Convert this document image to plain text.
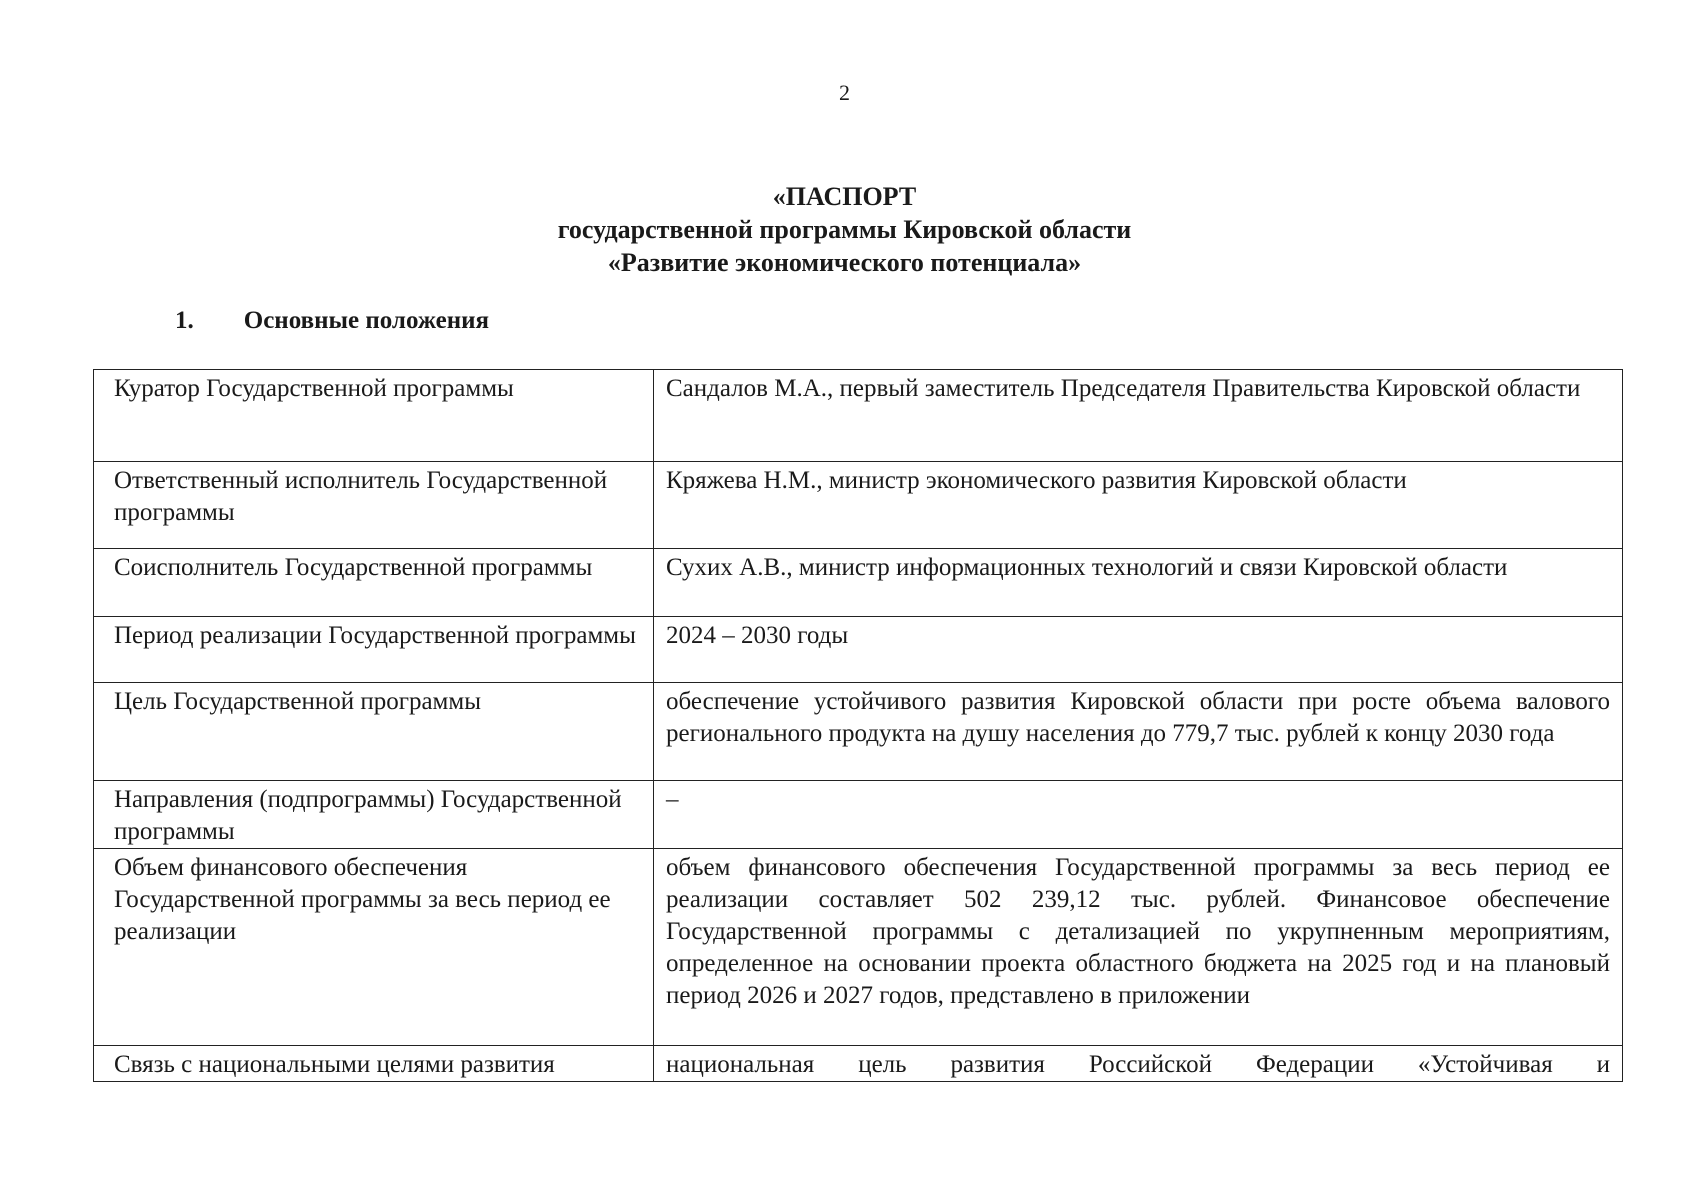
2
«ПАСПОРТ
государственной программы Кировской области
«Развитие экономического потенциала»
1. Основные положения
Куратор Государственной программы	Сандалов М.А., первый заместитель Председателя Правительства Кировской области
Ответственный исполнитель Государственной программы	Кряжева Н.М., министр экономического развития Кировской области
Соисполнитель Государственной программы	Сухих А.В., министр информационных технологий и связи Кировской области
Период реализации Государственной программы	2024 – 2030 годы
Цель Государственной программы	обеспечение устойчивого развития Кировской области при росте объема валового регионального продукта на душу населения до 779,7 тыс. рублей к концу 2030 года
Направления (подпрограммы) Государственной программы	–
Объем финансового обеспечения Государственной программы за весь период ее реализации	объем финансового обеспечения Государственной программы за весь период ее реализации составляет 502 239,12 тыс. рублей. Финансовое обеспечение Государственной программы с детализацией по укрупненным мероприятиям, определенное на основании проекта областного бюджета на 2025 год и на плановый период 2026 и 2027 годов, представлено в приложении
Связь с национальными целями развития	национальная цель развития Российской Федерации «Устойчивая и
